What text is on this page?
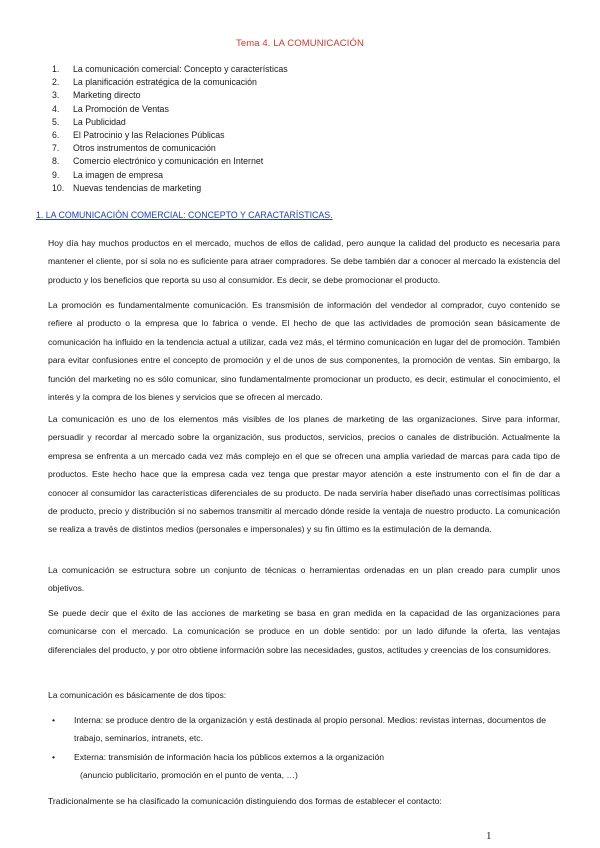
Tema 4. LA COMUNICACIÓN
1.	La comunicación comercial: Concepto y características
2.	La planificación estratégica de la comunicación
3.	Marketing directo
4.	La Promoción de Ventas
5.	La Publicidad
6.	El Patrocinio y las Relaciones Públicas
7.	Otros instrumentos de comunicación
8.	Comercio electrónico y comunicación en Internet
9.	La imagen de empresa
10. Nuevas tendencias de marketing
1. LA COMUNICACIÓN COMERCIAL: CONCEPTO Y CARACTARÍSTICAS.

Hoy día hay muchos productos en el mercado, muchos de ellos de calidad, pero aunque la calidad del producto es necesaria para mantener el cliente, por sí sola no es suficiente para atraer compradores. Se debe también dar a conocer al mercado la existencia del producto y los beneficios que reporta su uso al consumidor. Es decir, se debe promocionar el producto.

La promoción es fundamentalmente comunicación. Es transmisión de información del vendedor al comprador, cuyo contenido se refiere al producto o la empresa que lo fabrica o vende. El hecho de que las actividades de promoción sean básicamente de comunicación ha influido en la tendencia actual a utilizar, cada vez más, el término comunicación en lugar del de promoción. También para evitar confusiones entre el concepto de promoción y el de unos de sus componentes, la promoción de ventas. Sin embargo, la función del marketing no es sólo comunicar, sino fundamentalmente promocionar un producto, es decir, estimular el conocimiento, el interés y la compra de los bienes y servicios que se ofrecen al mercado.

La comunicación es uno de los elementos más visibles de los planes de marketing de las organizaciones. Sirve para informar, persuadir y recordar al mercado sobre la organización, sus productos, servicios, precios o canales de distribución. Actualmente la empresa se enfrenta a un mercado cada vez más complejo en el que se ofrecen una amplia variedad de marcas para cada tipo de productos. Este hecho hace que la empresa cada vez tenga que prestar mayor atención a este instrumento con el fin de dar a conocer al consumidor las características diferenciales de su producto. De nada serviría haber diseñado unas correctísimas políticas de producto, precio y distribución si no sabemos transmitir al mercado dónde reside la ventaja de nuestro producto. La comunicación se realiza a través de distintos medios (personales e impersonales) y su fin último es la estimulación de la demanda.

La comunicación se estructura sobre un conjunto de técnicas o herramientas ordenadas en un plan creado para cumplir unos objetivos.

Se puede decir que el éxito de las acciones de marketing se basa en gran medida en la capacidad de las organizaciones para comunicarse con el mercado. La comunicación se produce en un doble sentido: por un lado difunde la oferta, las ventajas diferenciales del producto, y por otro obtiene información sobre las necesidades, gustos, actitudes y creencias de los consumidores.

La comunicación es básicamente de dos tipos:

• Interna: se produce dentro de la organización y está destinada al propio personal. Medios: revistas internas, documentos de trabajo, seminarios, intranets, etc.
• Externa: transmisión de información hacia los públicos externos a la organización
(anuncio publicitario, promoción en el punto de venta, …)

Tradicionalmente se ha clasificado la comunicación distinguiendo dos formas de establecer el contacto:

1
